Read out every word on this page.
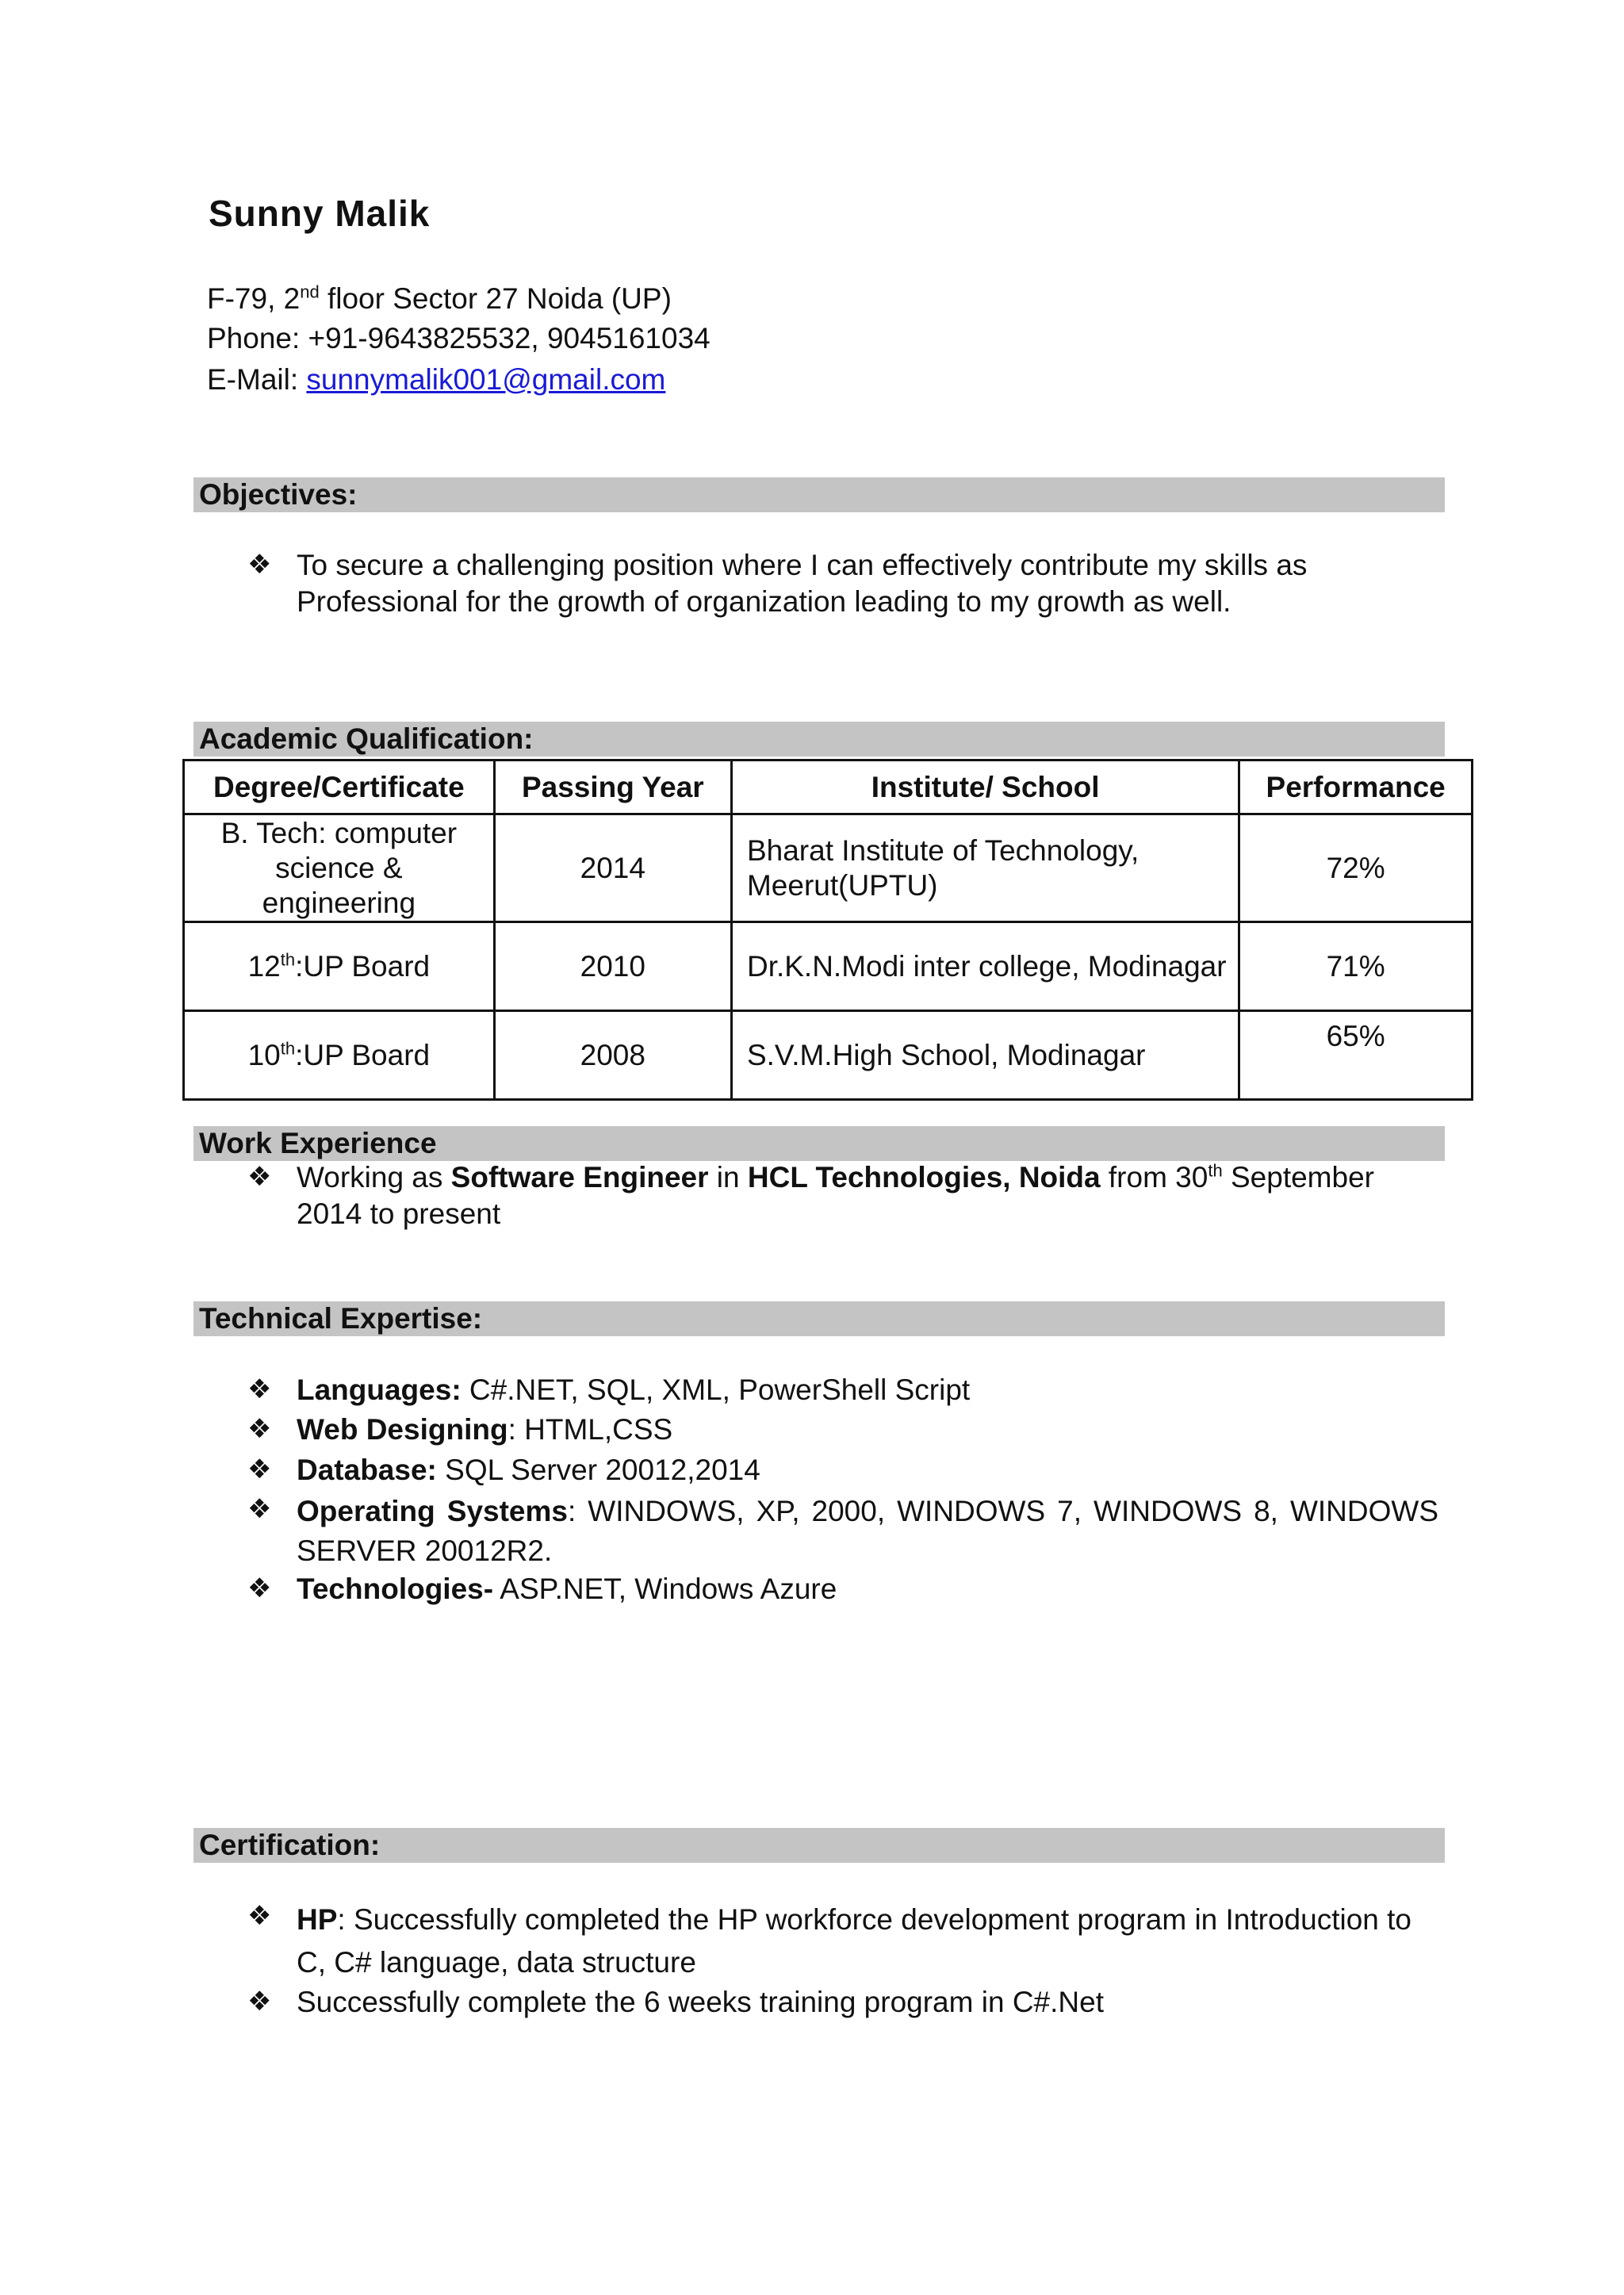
Sunny Malik
F-79, 2nd floor Sector 27 Noida (UP)
Phone: +91-9643825532, 9045161034
E-Mail: sunnymalik001@gmail.com
Objectives:
❖ To secure a challenging position where I can effectively contribute my skills as Professional for the growth of organization leading to my growth as well.
Academic Qualification:
Degree/Certificate	Passing Year	Institute/ School	Performance
B. Tech: computer science & engineering	2014	Bharat Institute of Technology, Meerut(UPTU)	72%
12th:UP Board	2010	Dr.K.N.Modi inter college, Modinagar	71%
10th:UP Board	2008	S.V.M.High School, Modinagar	65%
Work Experience
❖ Working as Software Engineer in HCL Technologies, Noida from 30th September 2014 to present
Technical Expertise:
❖ Languages: C#.NET, SQL, XML, PowerShell Script
❖ Web Designing: HTML,CSS
❖ Database: SQL Server 20012,2014
❖ Operating Systems: WINDOWS, XP, 2000, WINDOWS 7, WINDOWS 8, WINDOWS SERVER 20012R2.
❖ Technologies- ASP.NET, Windows Azure
Certification:
❖ HP: Successfully completed the HP workforce development program in Introduction to C, C# language, data structure
❖ Successfully complete the 6 weeks training program in C#.Net
